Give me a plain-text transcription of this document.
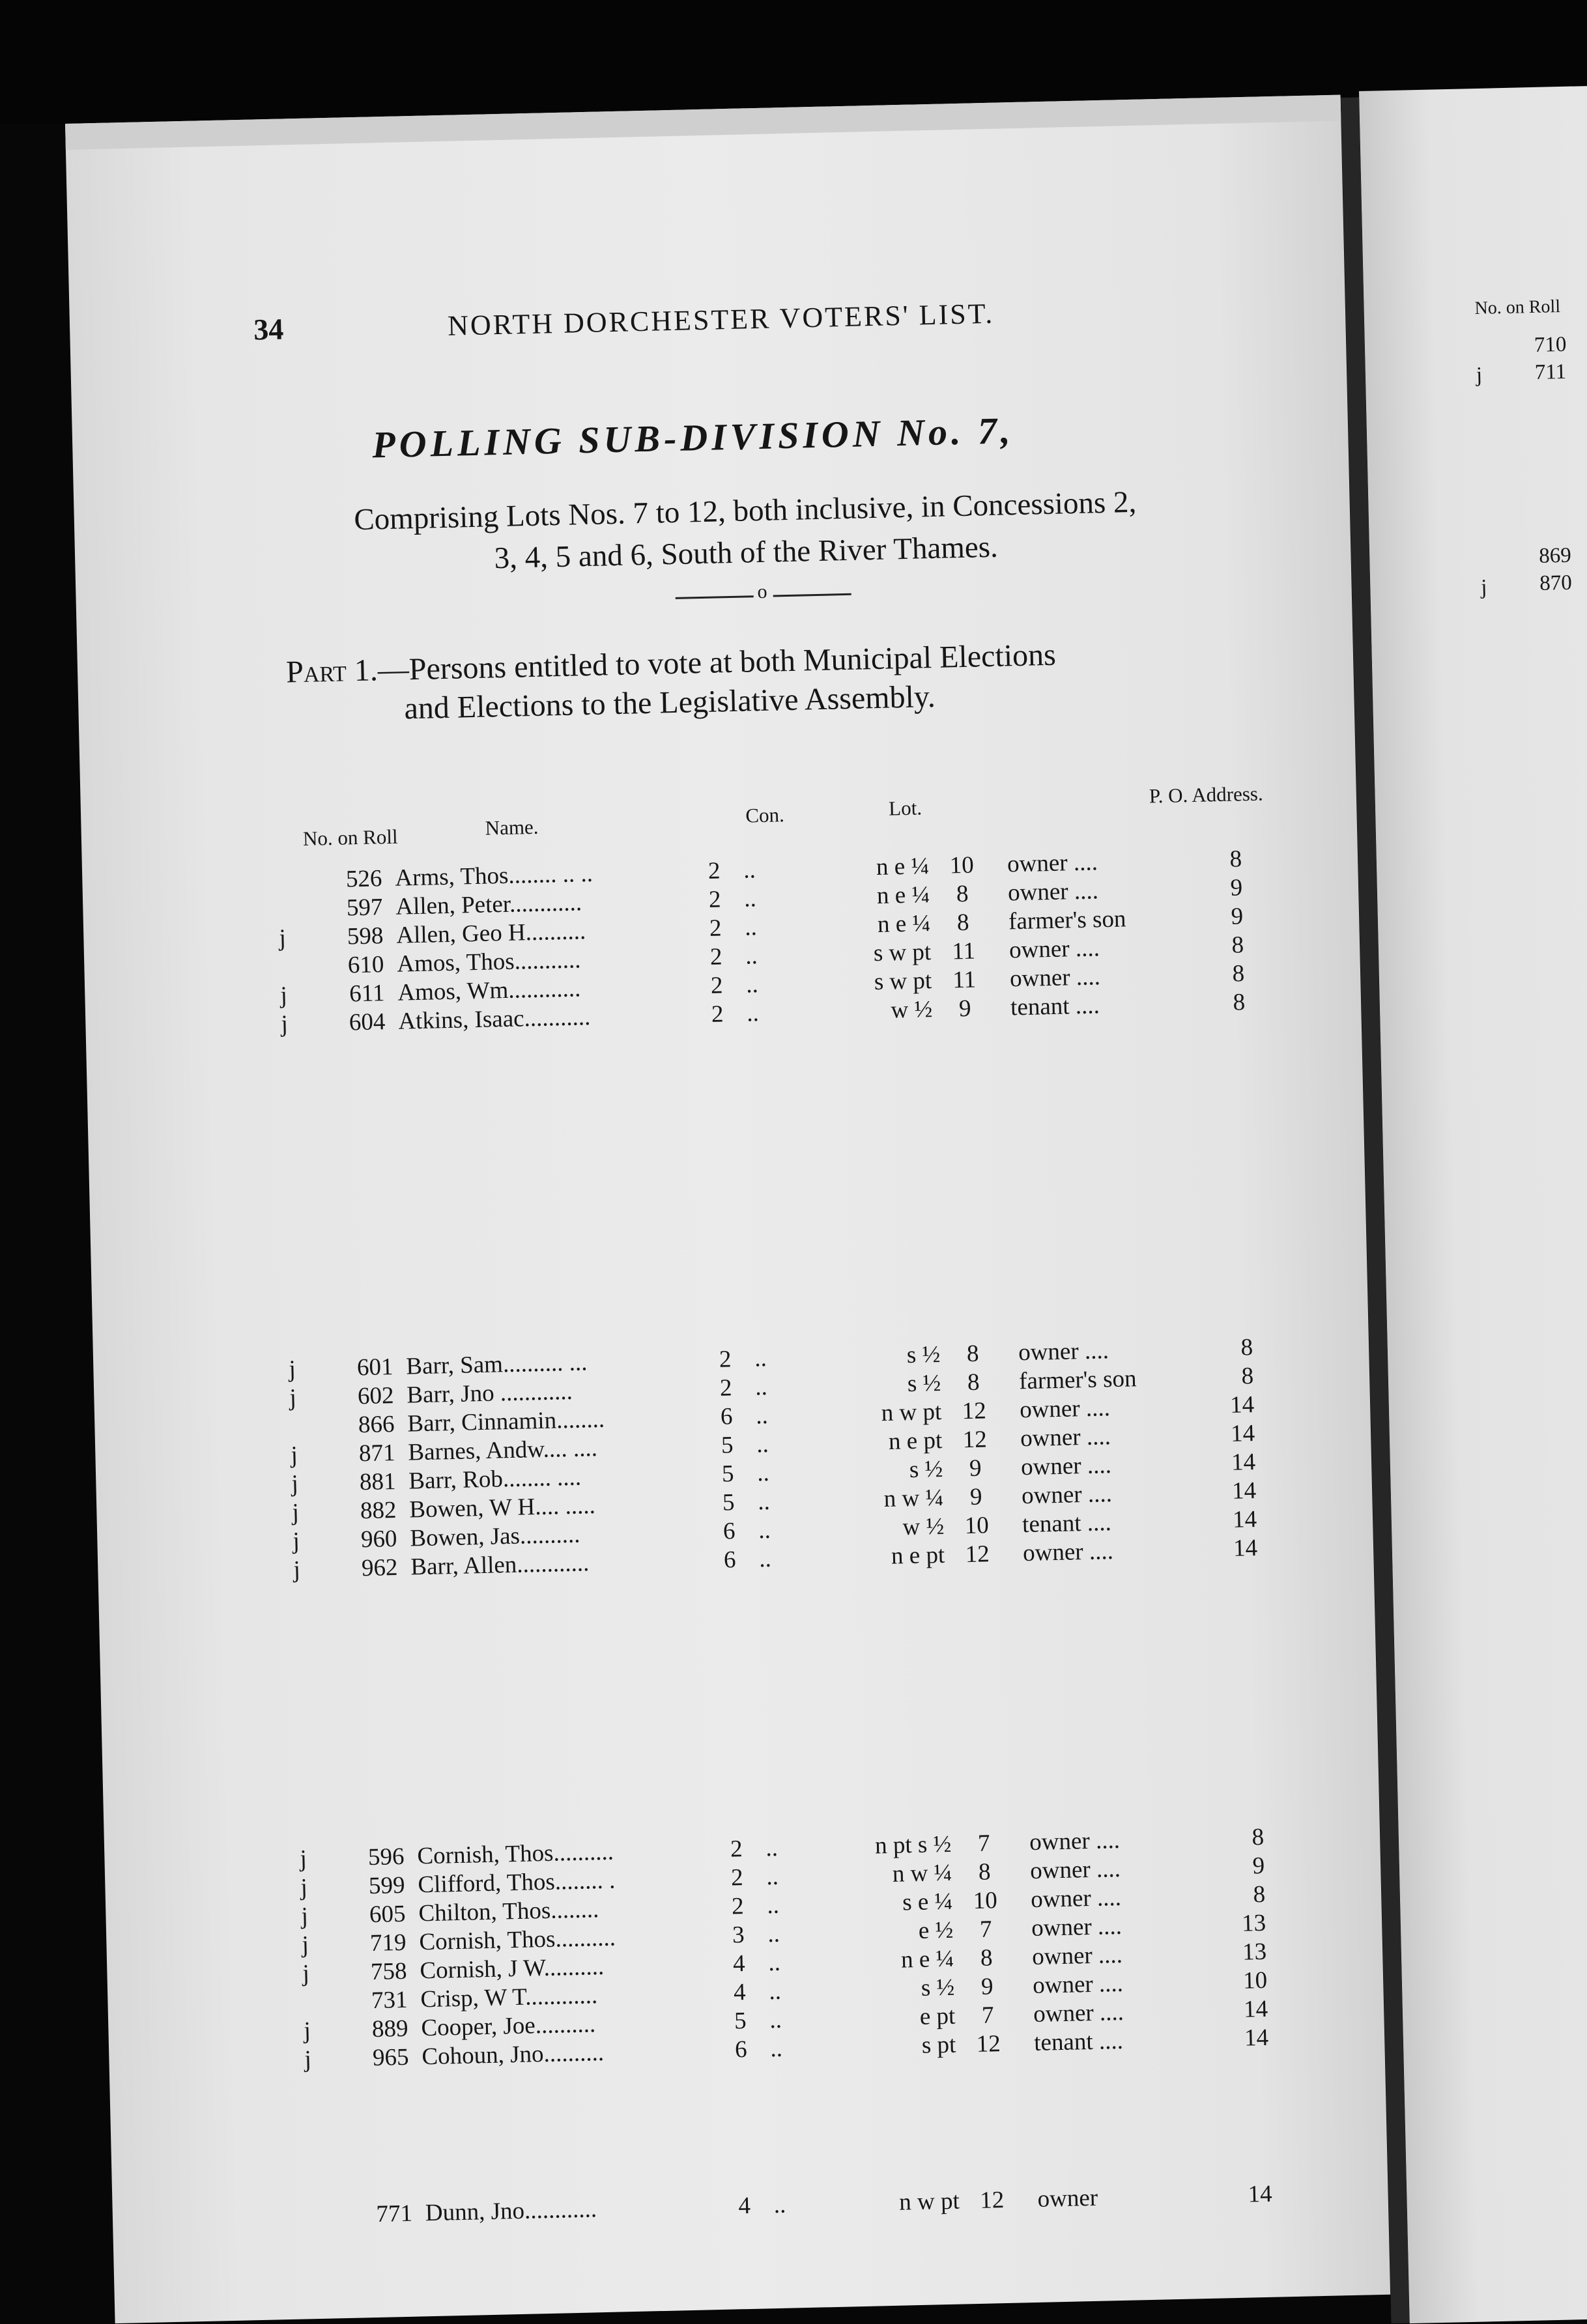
No. on Roll
710
j 711
869
j 870
34	NORTH DORCHESTER VOTERS' LIST.
POLLING SUB-DIVISION No. 7,
Comprising Lots Nos. 7 to 12, both inclusive, in Concessions 2,
3, 4, 5 and 6, South of the River Thames.
o
Part 1.—Persons entitled to vote at both Municipal Elections
and Elections to the Legislative Assembly.
No. on Roll	Name.
Con.	Lot.
P. O. Address.
526 Arms, Thos........ .. ..	2 ..	n e ¼ 10	owner ....	8
597 Allen, Peter............	2 ..	n e ¼	8	owner ....	9
j	598 Allen, Geo H..........	2 ..	n e ¼	8	farmer's son	9
610 Amos, Thos...........	2 ..	s w pt 11	owner ....	8
j	611 Amos, Wm............	2 ..	s w pt 11	owner ....	8
j	604 Atkins, Isaac...........	2 ..	w ½	9	tenant ....	8
j	601 Barr, Sam.......... ...	2 ..	s ½	8	owner ....	8
j	602 Barr, Jno ............	2 ..	s ½	8	farmer's son	8
866 Barr, Cinnamin........	6 ..	n w pt 12	owner ....	14
j	871 Barnes, Andw.... ....	5 ..	n e pt 12	owner ....	14
j	881 Barr, Rob........ ....	5 ..	s ½	9	owner ....	14
j	882 Bowen, W H.... .....	5 ..	n w ¼	9	owner ....	14
j	960 Bowen, Jas..........	6 ..	w ½ 10	tenant ....	14
j	962 Barr, Allen............	6 ..	n e pt 12	owner ....	14
j	596 Cornish, Thos..........	2 ..	n pt s ½	7	owner ....	8
j	599 Clifford, Thos........ .	2 ..	n w ¼	8	owner ....	9
j	605 Chilton, Thos........	2 ..	s e ¼ 10	owner ....	8
j	719 Cornish, Thos..........	3 ..	e ½	7	owner ....	13
j	758 Cornish, J W..........	4 ..	n e ¼	8	owner ....	13
731 Crisp, W T............	4 ..	s ½	9	owner ....	10
j	889 Cooper, Joe..........	5 ..	e pt	7	owner ....	14
j	965 Cohoun, Jno..........	6 ..	s pt 12	tenant ....	14
771 Dunn, Jno............	4 ..	n w pt 12	owner	14
